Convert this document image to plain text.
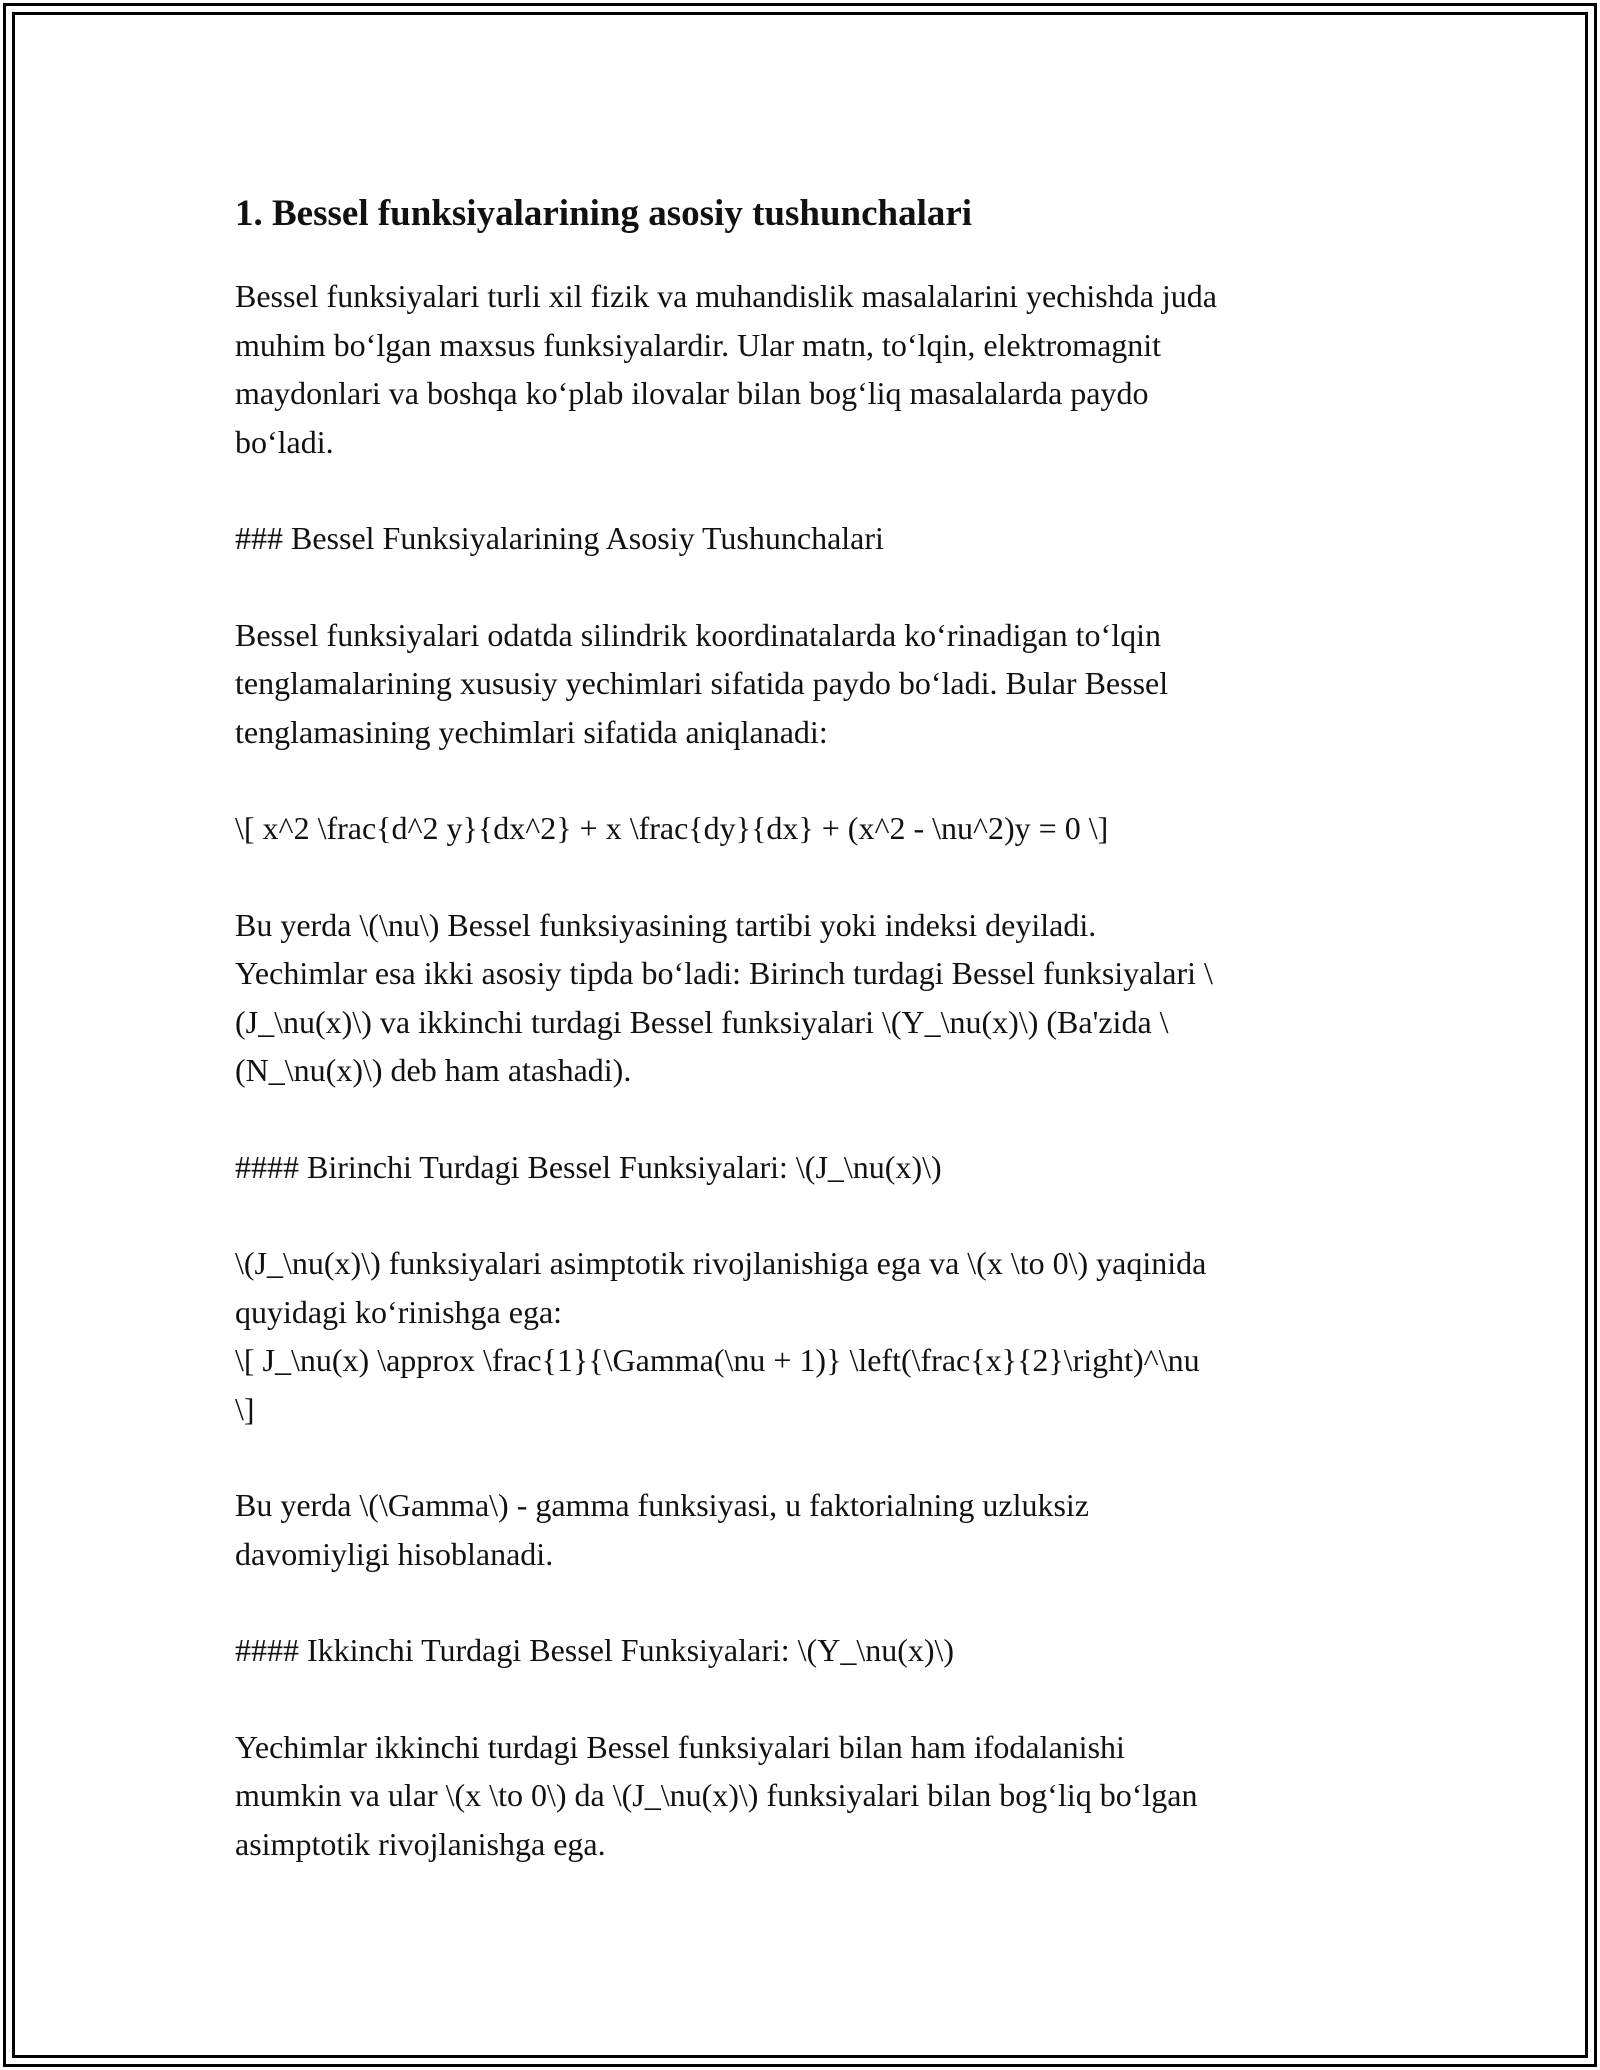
1. Bessel funksiyalarining asosiy tushunchalari

Bessel funksiyalari turli xil fizik va muhandislik masalalarini yechishda juda
muhim bo‘lgan maxsus funksiyalardir. Ular matn, to‘lqin, elektromagnit
maydonlari va boshqa ko‘plab ilovalar bilan bog‘liq masalalarda paydo
bo‘ladi.

### Bessel Funksiyalarining Asosiy Tushunchalari

Bessel funksiyalari odatda silindrik koordinatalarda ko‘rinadigan to‘lqin
tenglamalarining xususiy yechimlari sifatida paydo bo‘ladi. Bular Bessel
tenglamasining yechimlari sifatida aniqlanadi:

\[ x^2 \frac{d^2 y}{dx^2} + x \frac{dy}{dx} + (x^2 - \nu^2)y = 0 \]

Bu yerda \(\nu\) Bessel funksiyasining tartibi yoki indeksi deyiladi.
Yechimlar esa ikki asosiy tipda bo‘ladi: Birinch turdagi Bessel funksiyalari \
(J_\nu(x)\) va ikkinchi turdagi Bessel funksiyalari \(Y_\nu(x)\) (Ba'zida \
(N_\nu(x)\) deb ham atashadi).

#### Birinchi Turdagi Bessel Funksiyalari: \(J_\nu(x)\)

\(J_\nu(x)\) funksiyalari asimptotik rivojlanishiga ega va \(x \to 0\) yaqinida
quyidagi ko‘rinishga ega:
\[ J_\nu(x) \approx \frac{1}{\Gamma(\nu + 1)} \left(\frac{x}{2}\right)^\nu
\]

Bu yerda \(\Gamma\) - gamma funksiyasi, u faktorialning uzluksiz
davomiyligi hisoblanadi.

#### Ikkinchi Turdagi Bessel Funksiyalari: \(Y_\nu(x)\)

Yechimlar ikkinchi turdagi Bessel funksiyalari bilan ham ifodalanishi
mumkin va ular \(x \to 0\) da \(J_\nu(x)\) funksiyalari bilan bog‘liq bo‘lgan
asimptotik rivojlanishga ega.
